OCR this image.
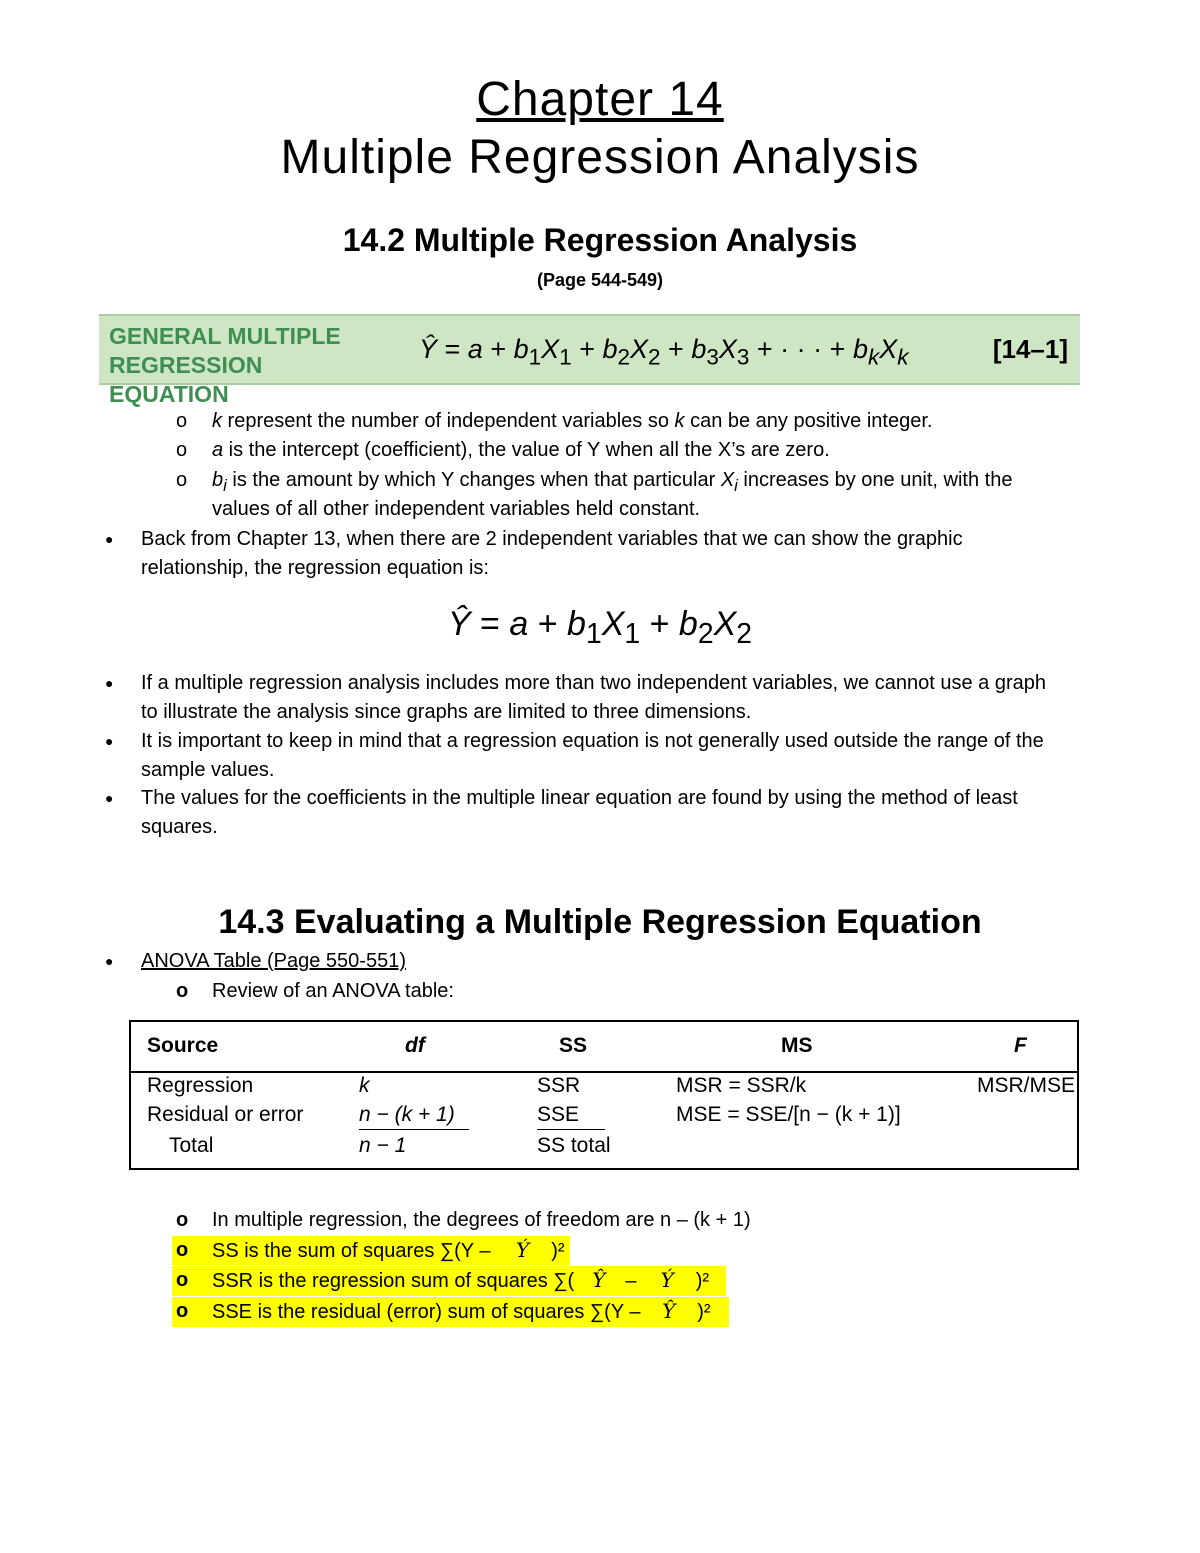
Chapter 14
Multiple Regression Analysis
14.2 Multiple Regression Analysis
(Page 544-549)
GENERAL MULTIPLE
REGRESSION EQUATION
Ŷ = $a + b_1X_1 + b_2X_2 + b_3X_3$ + · · · + $b_kX_k$	[14–1]
o k represent the number of independent variables so k can be any positive integer.
o a is the intercept (coefficient), the value of Y when all the X’s are zero.
o $b_i$ is the amount by which Y changes when that particular $X_i$ increases by one unit, with the
values of all other independent variables held constant.
● Back from Chapter 13, when there are 2 independent variables that we can show the graphic
relationship, the regression equation is:
Ŷ = $a + b_1X_1 + b_2X_2$
● If a multiple regression analysis includes more than two independent variables, we cannot use a graph
to illustrate the analysis since graphs are limited to three dimensions.
● It is important to keep in mind that a regression equation is not generally used outside the range of the
sample values.
● The values for the coefficients in the multiple linear equation are found by using the method of least
squares.
14.3 Evaluating a Multiple Regression Equation
● ANOVA Table (Page 550-551)
o Review of an ANOVA table:
Source	df	SS	MS	F
Regression	k	SSR	MSR = SSR/k	MSR/MSE
Residual or error	n − (k + 1)	SSE	MSE = SSE/[n − (k + 1)]
Total	n − 1	SS total
o In multiple regression, the degrees of freedom are n – (k + 1)
o SS is the sum of squares ∑(Y – Ý )²
o SSR is the regression sum of squares ∑( Ŷ – Ý )²
o SSE is the residual (error) sum of squares ∑(Y – Ŷ )²
